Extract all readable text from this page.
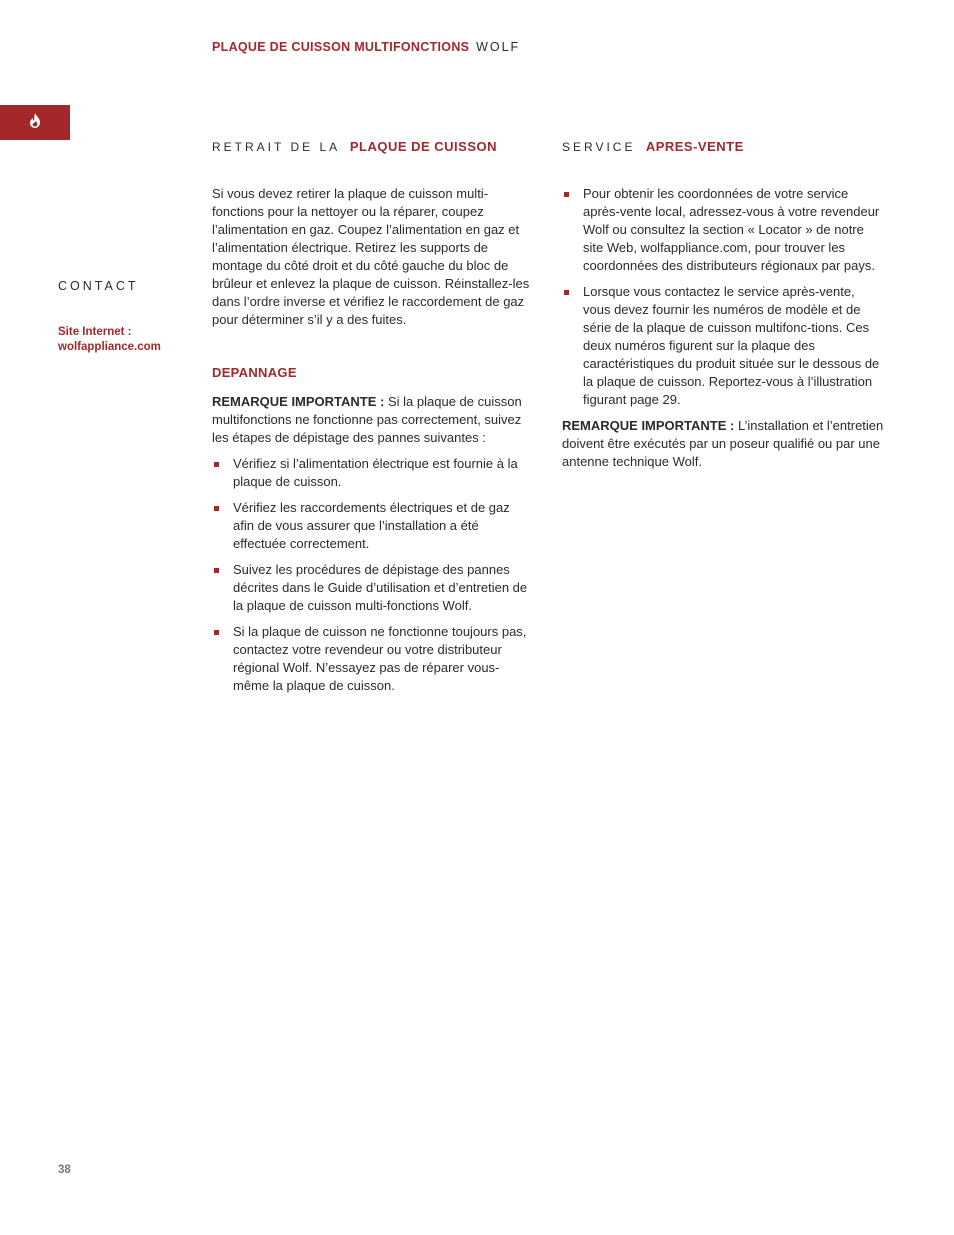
PLAQUE DE CUISSON MULTIFONCTIONS WOLF
CONTACT
Site Internet :
wolfappliance.com
RETRAIT DE LA PLAQUE DE CUISSON

Si vous devez retirer la plaque de cuisson multi-fonctions pour la nettoyer ou la réparer, coupez l’alimentation en gaz. Coupez l’alimentation en gaz et l’alimentation électrique. Retirez les supports de montage du côté droit et du côté gauche du bloc de brûleur et enlevez la plaque de cuisson. Réinstallez-les dans l’ordre inverse et vérifiez le raccordement de gaz pour déterminer s’il y a des fuites.

DEPANNAGE

REMARQUE IMPORTANTE : Si la plaque de cuisson multifonctions ne fonctionne pas correctement, suivez les étapes de dépistage des pannes suivantes :

Vérifiez si l’alimentation électrique est fournie à la plaque de cuisson.
Vérifiez les raccordements électriques et de gaz afin de vous assurer que l’installation a été effectuée correctement.
Suivez les procédures de dépistage des pannes décrites dans le Guide d’utilisation et d’entretien de la plaque de cuisson multi-fonctions Wolf.
Si la plaque de cuisson ne fonctionne toujours pas, contactez votre revendeur ou votre distributeur régional Wolf. N’essayez pas de réparer vous-même la plaque de cuisson.
SERVICE APRES-VENTE
Pour obtenir les coordonnées de votre service après-vente local, adressez-vous à votre revendeur Wolf ou consultez la section « Locator » de notre site Web, wolfappliance.com, pour trouver les coordonnées des distributeurs régionaux par pays.
Lorsque vous contactez le service après-vente, vous devez fournir les numéros de modèle et de série de la plaque de cuisson multifonc-tions. Ces deux numéros figurent sur la plaque des caractéristiques du produit située sur le dessous de la plaque de cuisson. Reportez-vous à l’illustration figurant page 29.

REMARQUE IMPORTANTE : L’installation et l’entretien doivent être exécutés par un poseur qualifié ou par une antenne technique Wolf.

38
